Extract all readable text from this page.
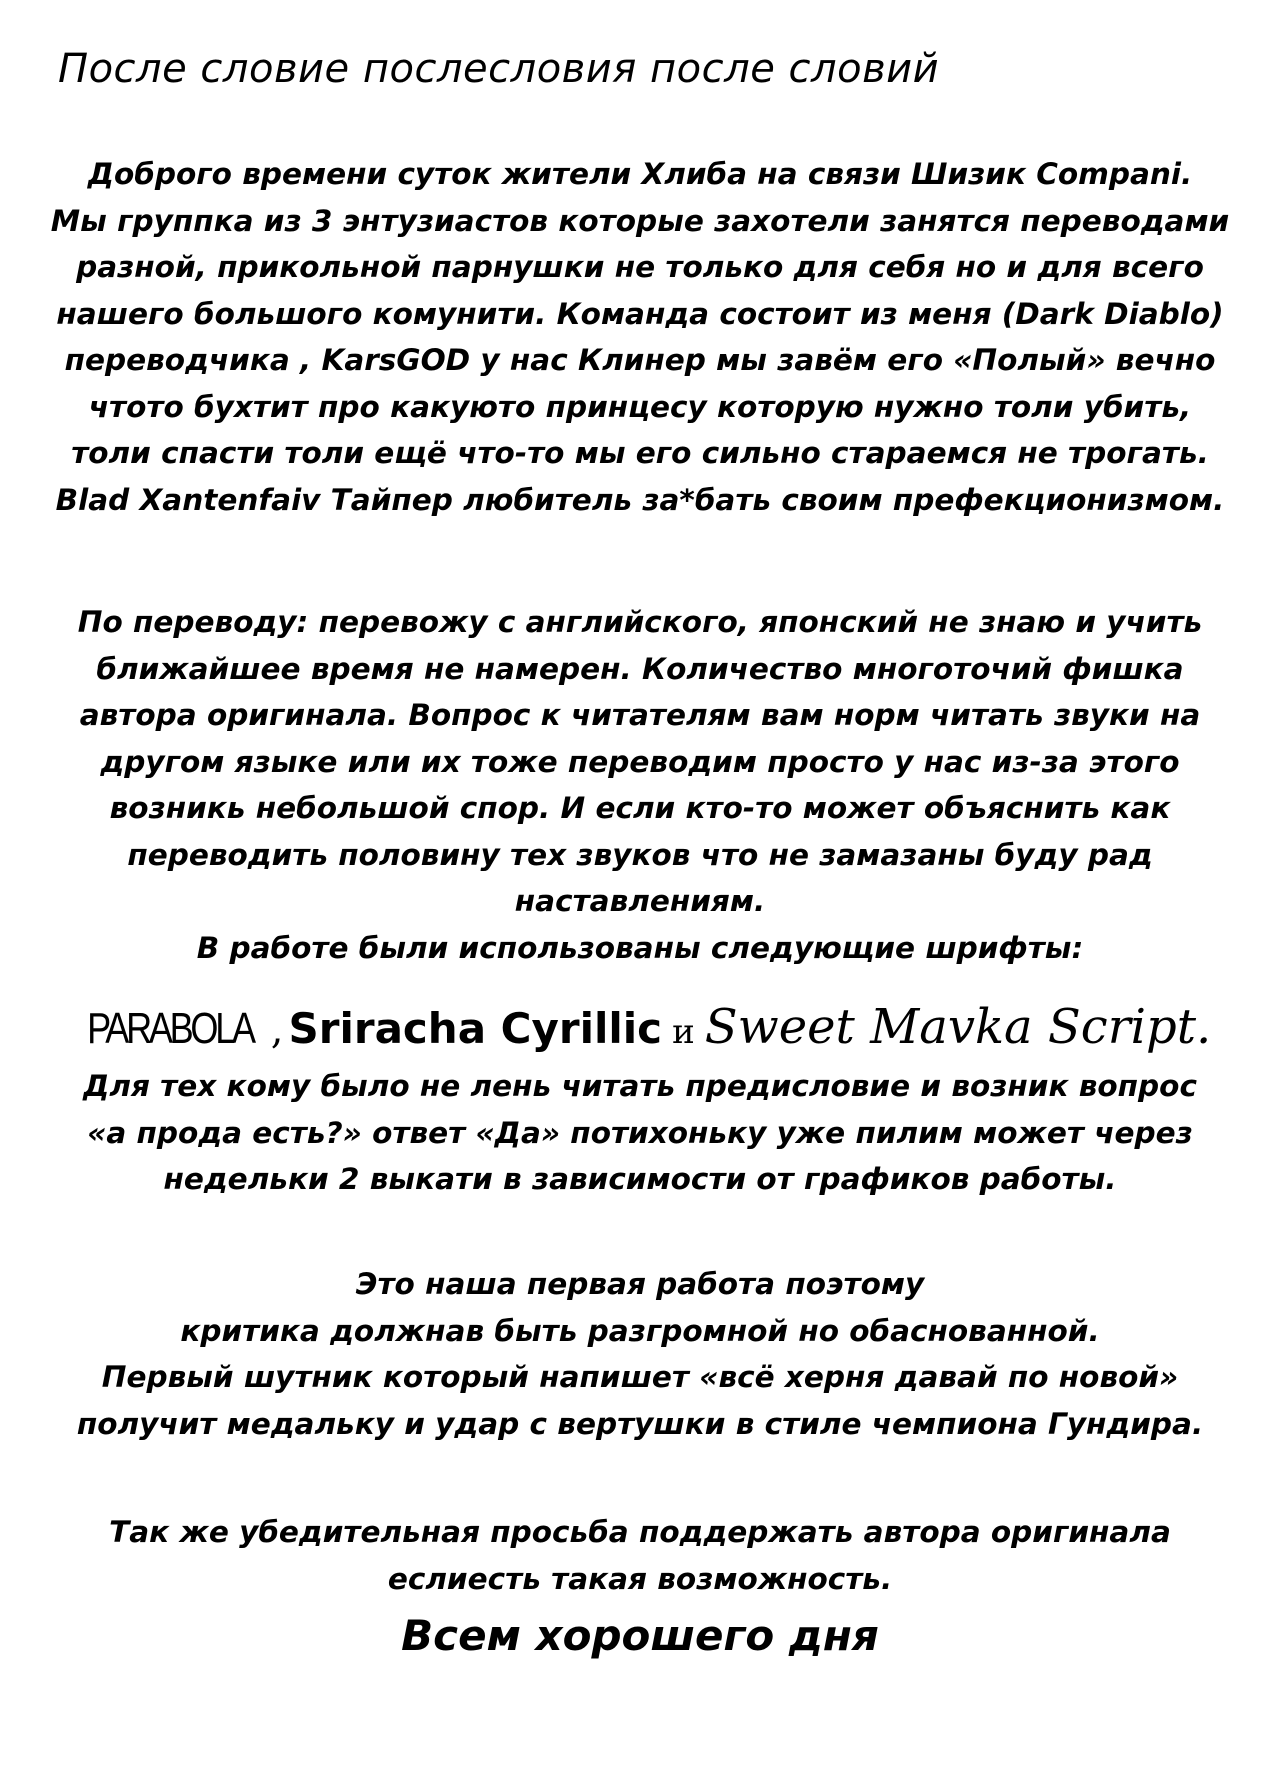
После словие послесловия после словий
Доброго времени суток жители Хлиба на связи Шизик Compani.
Мы группка из 3 энтузиастов которые захотели занятся переводами
разной, прикольной парнушки не только для себя но и для всего
нашего большого комунити. Команда состоит из меня (Dark Diablo)
переводчика , KarsGOD у нас Клинер мы завём его «Полый» вечно
чтото бухтит про какуюто принцесу которую нужно толи убить,
толи спасти толи ещё что-то мы его сильно стараемся не трогать.
Blad Xantenfaiv Тайпер любитель за*бать своим префекционизмом.
По переводу: перевожу с английского, японский не знаю и учить
ближайшее время не намерен. Количество многоточий фишка
автора оригинала. Вопрос к читателям вам норм читать звуки на
другом языке или их тоже переводим просто у нас из-за этого
возникь небольшой спор. И если кто-то может объяснить как
переводить половину тех звуков что не замазаны буду рад
наставлениям.
В работе были использованы следующие шрифты:
PARABOLA , Sriracha Cyrillic и Sweet Mavka Script.
Для тех кому было не лень читать предисловие и возник вопрос
«а прода есть?» ответ «Да» потихоньку уже пилим может через
недельки 2 выкати в зависимости от графиков работы.
Это наша первая работа поэтому
критика должнав быть разгромной но обаснованной.
Первый шутник который напишет «всё херня давай по новой»
получит медальку и удар с вертушки в стиле чемпиона Гундира.
Так же убедительная просьба поддержать автора оригинала
еслиесть такая возможность.
Всем хорошего дня
